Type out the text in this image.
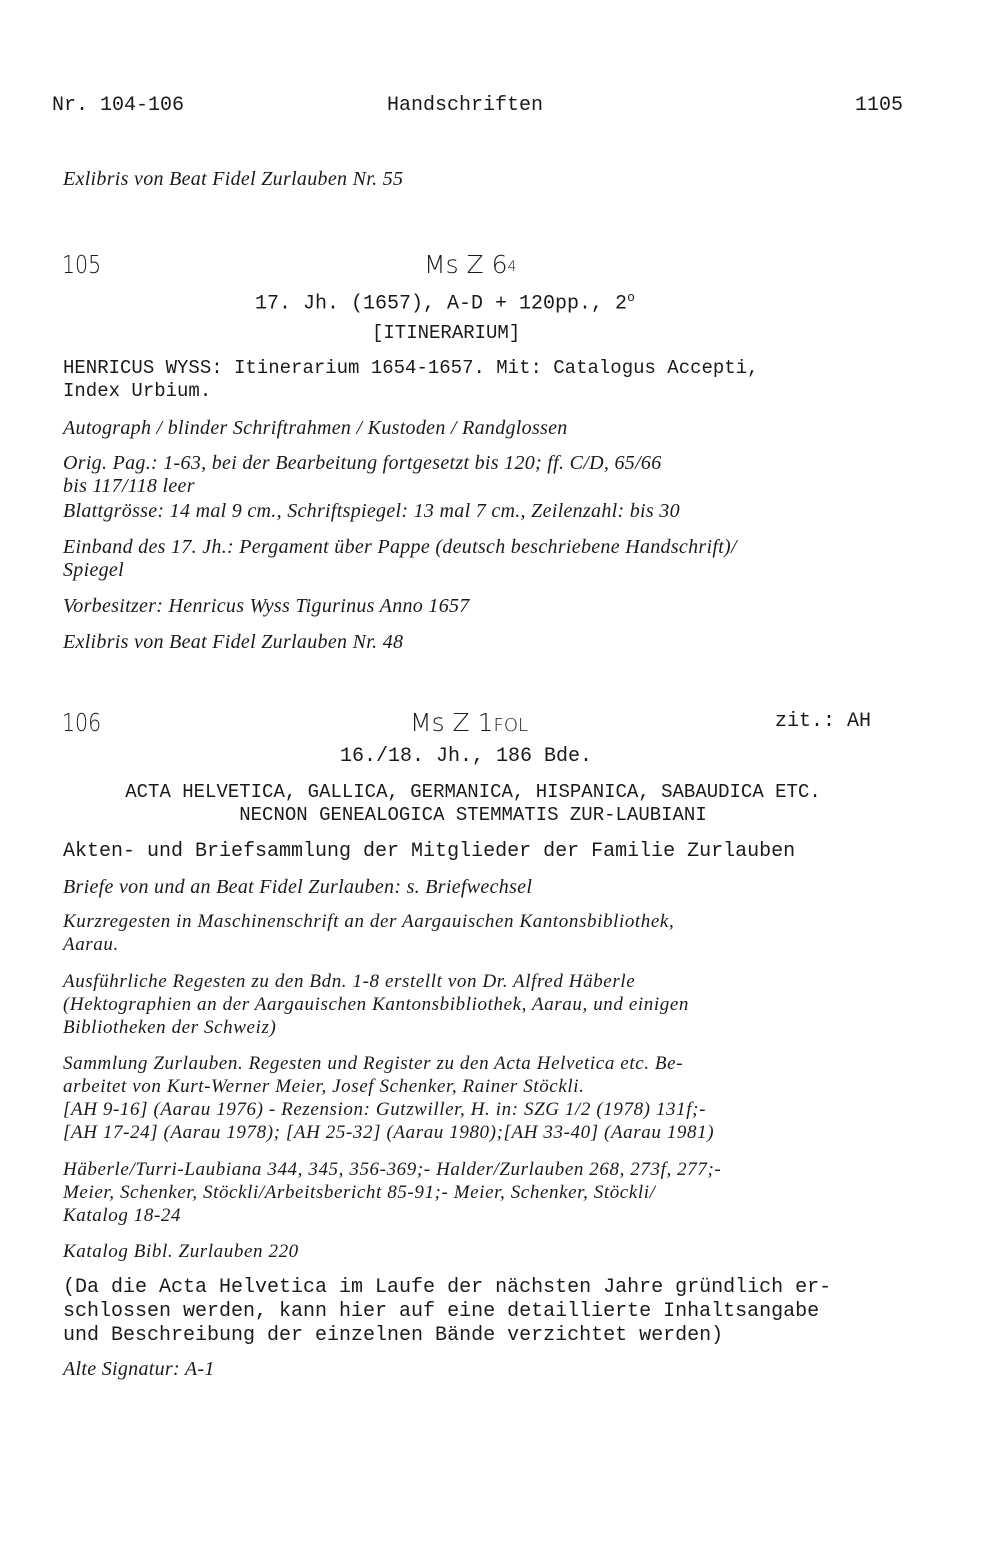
Nr. 104-106	Handschriften	1105
Exlibris von Beat Fidel Zurlauben Nr. 55
105	Ms Z 64
17. Jh. (1657), A-D + 120pp., 2$^o$
[ITINERARIUM]
HENRICUS WYSS: Itinerarium 1654-1657. Mit: Catalogus Accepti,
Index Urbium.
Autograph / blinder Schriftrahmen / Kustoden / Randglossen
Orig. Pag.: 1-63, bei der Bearbeitung fortgesetzt bis 120; ff. C/D, 65/66
bis 117/118 leer
Blattgrösse: 14 mal 9 cm., Schriftspiegel: 13 mal 7 cm., Zeilenzahl: bis 30
Einband des 17. Jh.: Pergament über Pappe (deutsch beschriebene Handschrift)/
Spiegel
Vorbesitzer: Henricus Wyss Tigurinus Anno 1657
Exlibris von Beat Fidel Zurlauben Nr. 48
106	Ms Z 1FOL	zit.: AH
16./18. Jh., 186 Bde.
ACTA HELVETICA, GALLICA, GERMANICA, HISPANICA, SABAUDICA ETC.
NECNON GENEALOGICA STEMMATIS ZUR-LAUBIANI
Akten- und Briefsammlung der Mitglieder der Familie Zurlauben
Briefe von und an Beat Fidel Zurlauben: s. Briefwechsel
Kurzregesten in Maschinenschrift an der Aargauischen Kantonsbibliothek,
Aarau.
Ausführliche Regesten zu den Bdn. 1-8 erstellt von Dr. Alfred Häberle
(Hektographien an der Aargauischen Kantonsbibliothek, Aarau, und einigen
Bibliotheken der Schweiz)
Sammlung Zurlauben. Regesten und Register zu den Acta Helvetica etc. Be-
arbeitet von Kurt-Werner Meier, Josef Schenker, Rainer Stöckli.
[AH 9-16] (Aarau 1976) - Rezension: Gutzwiller, H. in: SZG 1/2 (1978) 131f;-
[AH 17-24] (Aarau 1978); [AH 25-32] (Aarau 1980);[AH 33-40] (Aarau 1981)
Häberle/Turri-Laubiana 344, 345, 356-369;- Halder/Zurlauben 268, 273f, 277;-
Meier, Schenker, Stöckli/Arbeitsbericht 85-91;- Meier, Schenker, Stöckli/
Katalog 18-24
Katalog Bibl. Zurlauben 220
(Da die Acta Helvetica im Laufe der nächsten Jahre gründlich er-
schlossen werden, kann hier auf eine detaillierte Inhaltsangabe
und Beschreibung der einzelnen Bände verzichtet werden)
Alte Signatur: A-1
